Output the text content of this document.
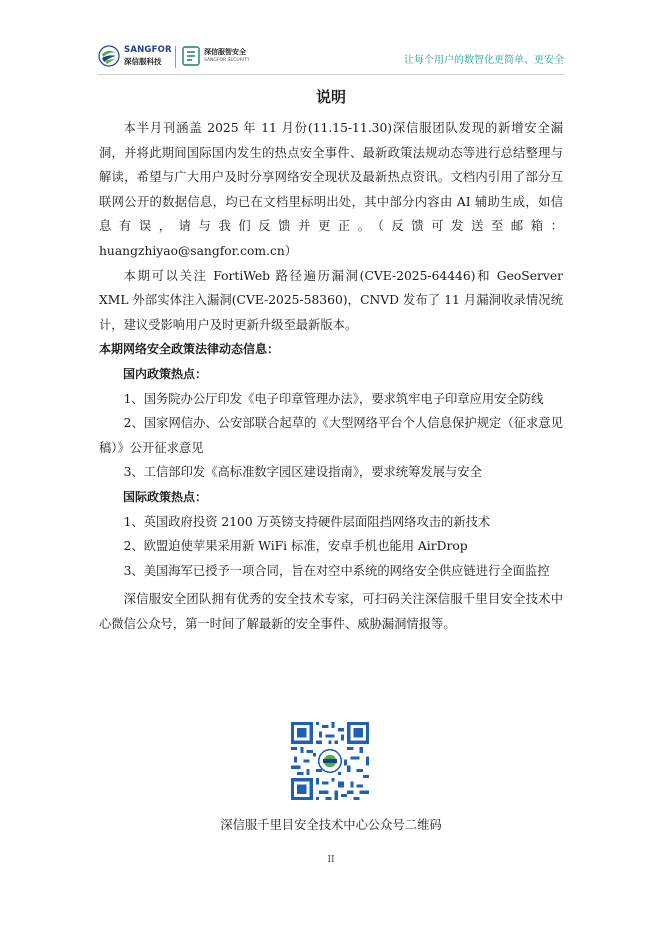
SANGFOR
深信服科技
深信服智安全
SANGFOR SECURITY	让每个用户的数智化更简单、更安全
说明

本半月刊涵盖 2025 年 11 月份(11.15-11.30)深信服团队发现的新增安全漏洞，并将此期间国际国内发生的热点安全事件、最新政策法规动态等进行总结整理与解读，希望与广大用户及时分享网络安全现状及最新热点资讯。文档内引用了部分互联网公开的数据信息，均已在文档里标明出处，其中部分内容由 AI 辅助生成，如信息有误，请与我们反馈并更正。（反馈可发送至邮箱：huangzhiyao@sangfor.com.cn）

本期可以关注 FortiWeb 路径遍历漏洞(CVE-2025-64446)和 GeoServer XML 外部实体注入漏洞(CVE-2025-58360)，CNVD 发布了 11 月漏洞收录情况统计，建议受影响用户及时更新升级至最新版本。

本期网络安全政策法律动态信息：

国内政策热点：

1、国务院办公厅印发《电子印章管理办法》，要求筑牢电子印章应用安全防线

2、国家网信办、公安部联合起草的《大型网络平台个人信息保护规定（征求意见稿）》公开征求意见

3、工信部印发《高标准数字园区建设指南》，要求统筹发展与安全

国际政策热点：

1、英国政府投资 2100 万英镑支持硬件层面阻挡网络攻击的新技术

2、欧盟迫使苹果采用新 WiFi 标准，安卓手机也能用 AirDrop

3、美国海军已授予一项合同，旨在对空中系统的网络安全供应链进行全面监控

深信服安全团队拥有优秀的安全技术专家，可扫码关注深信服千里目安全技术中心微信公众号，第一时间了解最新的安全事件、威胁漏洞情报等。

深信服千里目安全技术中心公众号二维码
II
